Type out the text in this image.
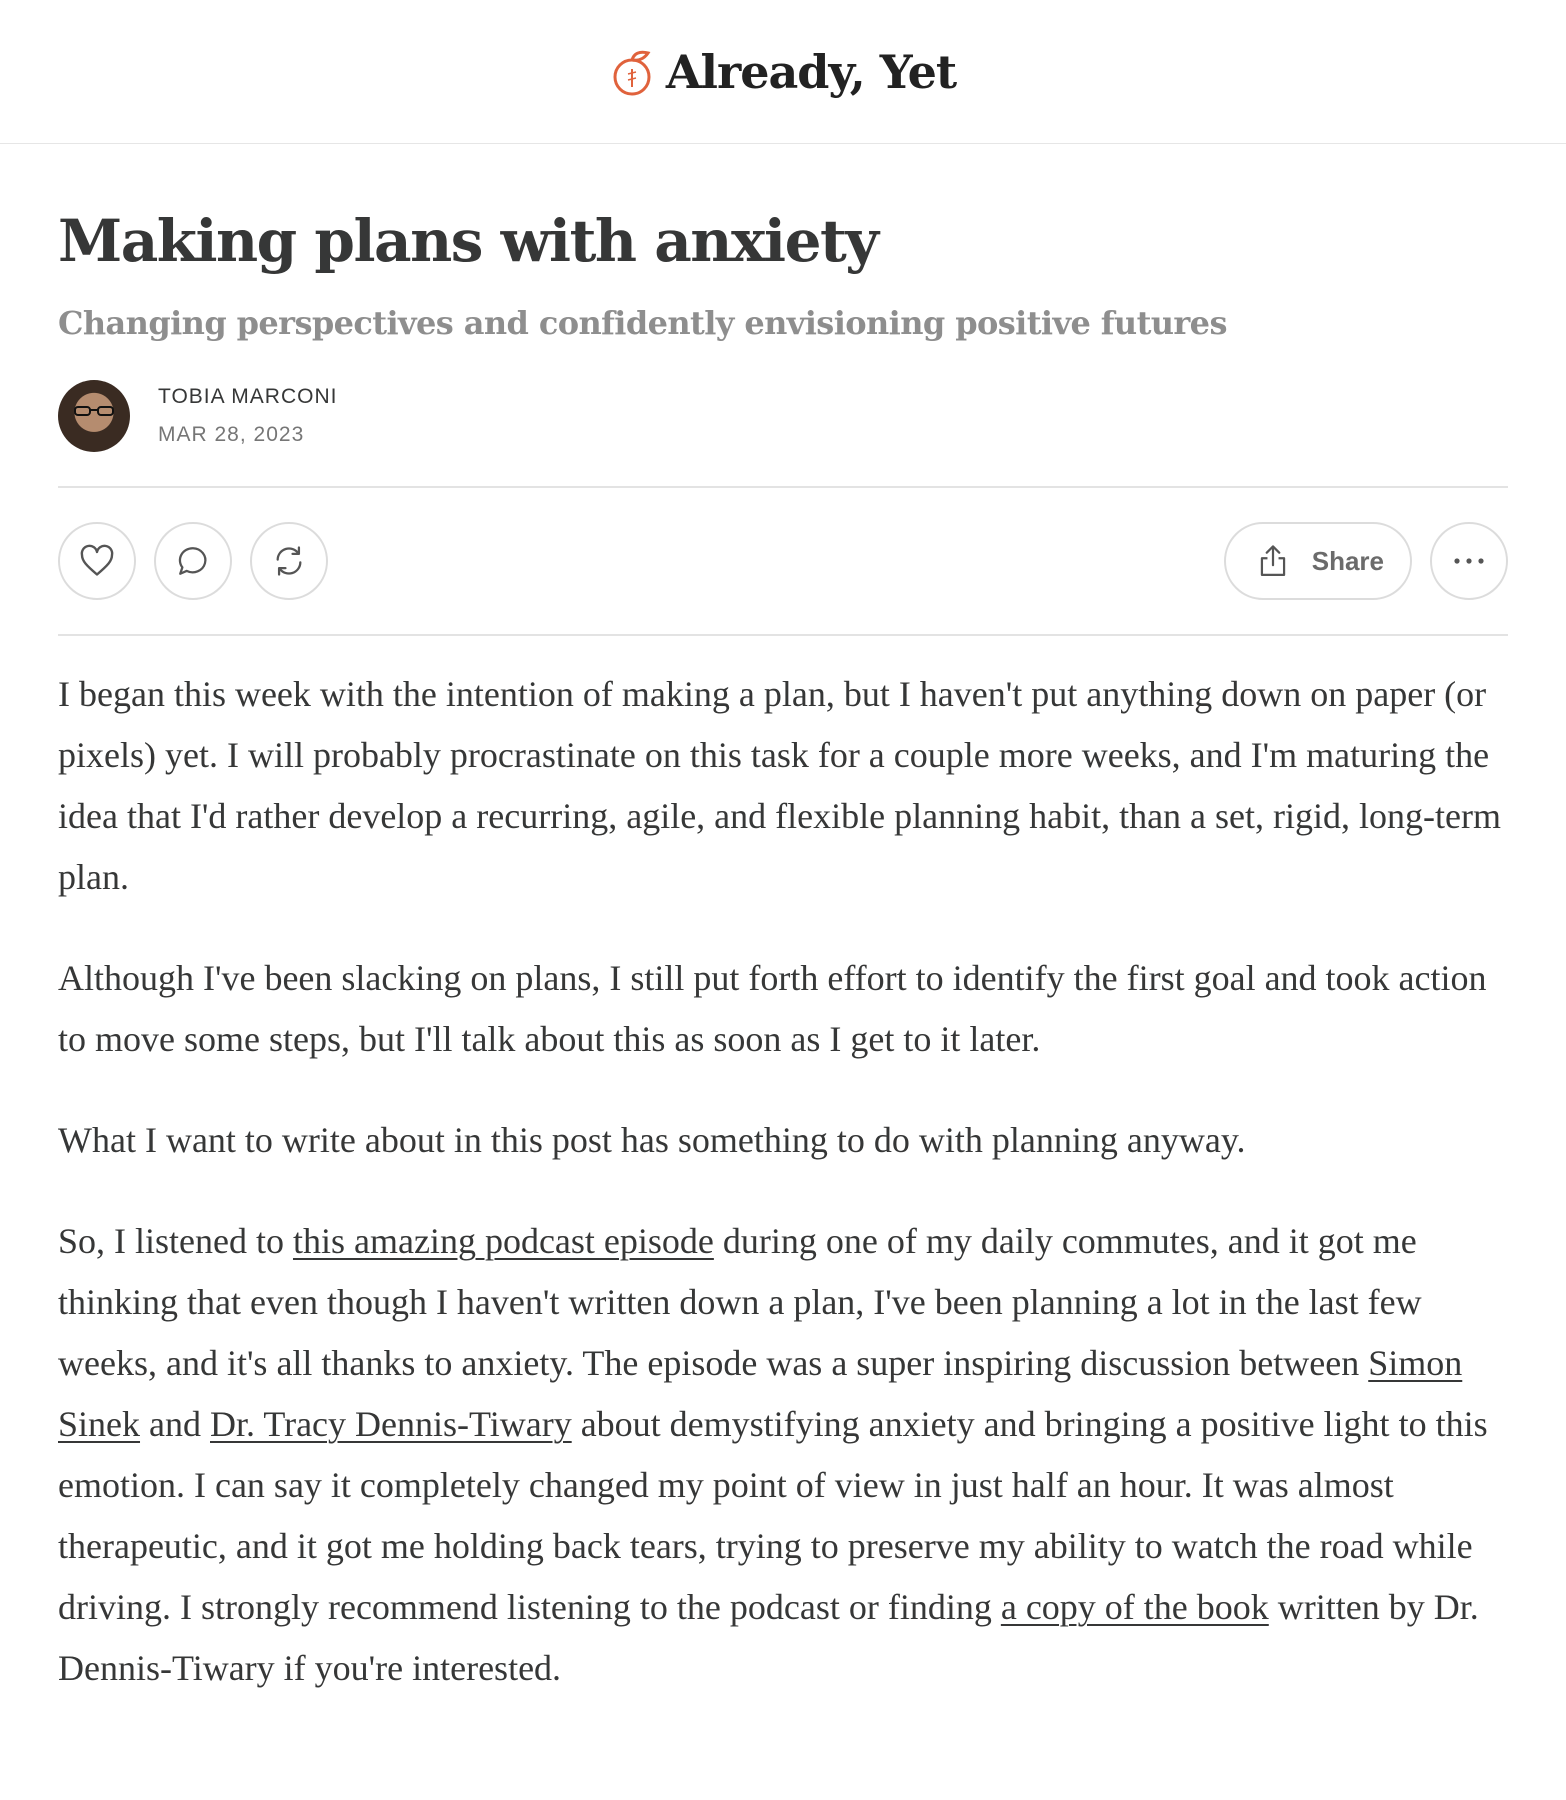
Already, Yet
Making plans with anxiety
Changing perspectives and confidently envisioning positive futures
TOBIA MARCONI
MAR 28, 2023
Share

I began this week with the intention of making a plan, but I haven't put anything down on paper (or pixels) yet. I will probably procrastinate on this task for a couple more weeks, and I'm maturing the idea that I'd rather develop a recurring, agile, and flexible planning habit, than a set, rigid, long-term plan.

Although I've been slacking on plans, I still put forth effort to identify the first goal and took action to move some steps, but I'll talk about this as soon as I get to it later.

What I want to write about in this post has something to do with planning anyway.

So, I listened to this amazing podcast episode during one of my daily commutes, and it got me thinking that even though I haven't written down a plan, I've been planning a lot in the last few weeks, and it's all thanks to anxiety. The episode was a super inspiring discussion between Simon Sinek and Dr. Tracy Dennis-Tiwary about demystifying anxiety and bringing a positive light to this emotion. I can say it completely changed my point of view in just half an hour. It was almost therapeutic, and it got me holding back tears, trying to preserve my ability to watch the road while driving. I strongly recommend listening to the podcast or finding a copy of the book written by Dr. Dennis-Tiwary if you're interested.
